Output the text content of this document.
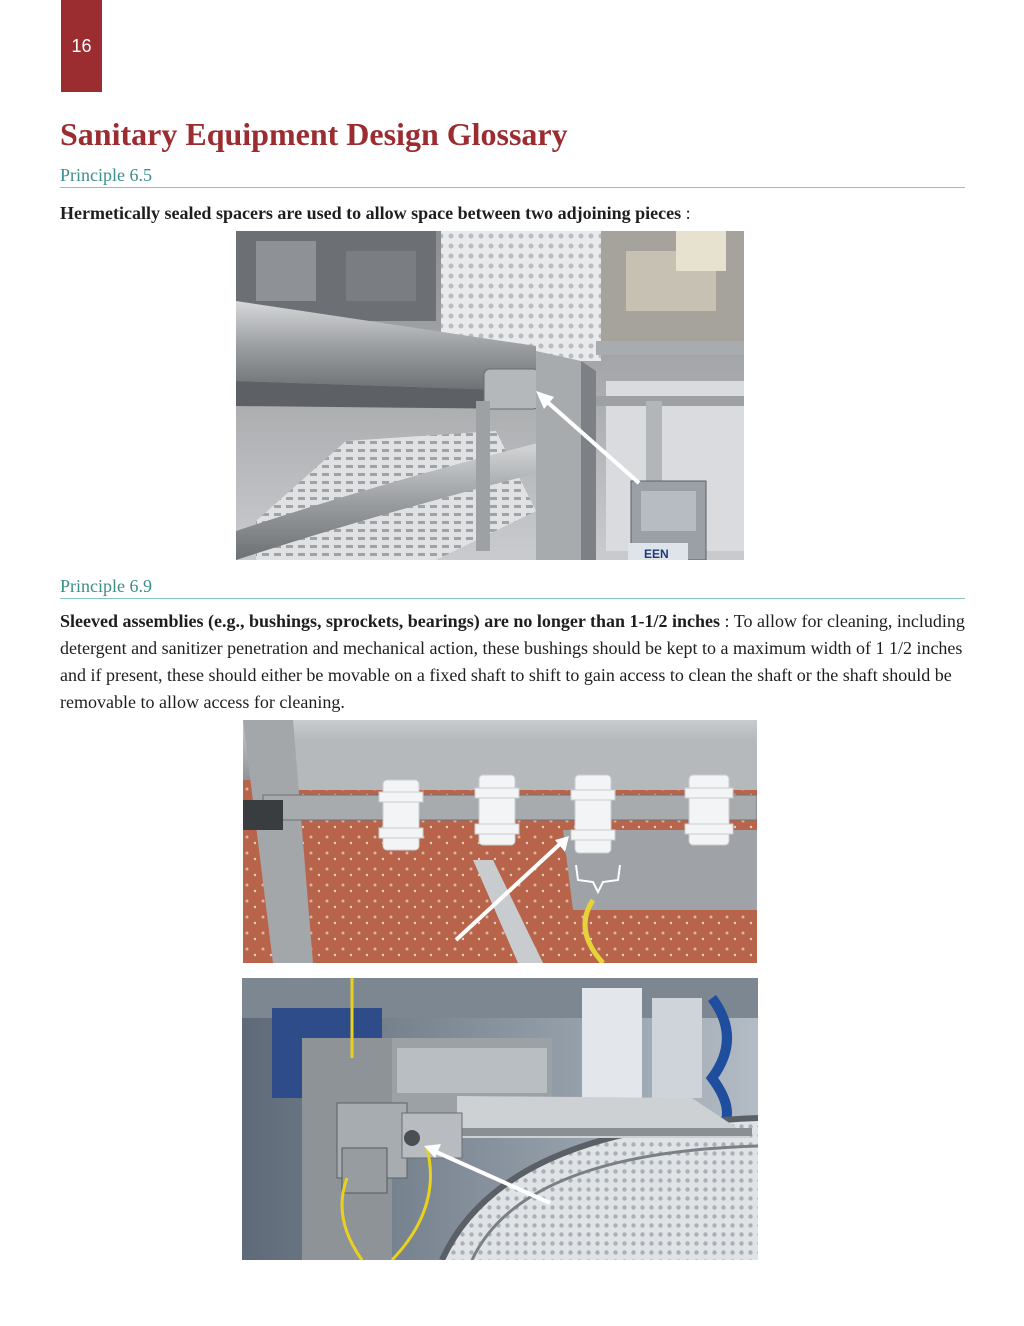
16
Sanitary Equipment Design Glossary
Principle 6.5
Hermetically sealed spacers are used to allow space between two adjoining pieces :
EEN
Principle 6.9
Sleeved assemblies (e.g., bushings, sprockets, bearings) are no longer than 1-1/2 inches : To allow for cleaning, including detergent and sanitizer penetration and mechanical action, these bushings should be kept to a maximum width of 1 1/2 inches and if present, these should either be movable on a fixed shaft to shift to gain access to clean the shaft or the shaft should be removable to allow access for cleaning.
